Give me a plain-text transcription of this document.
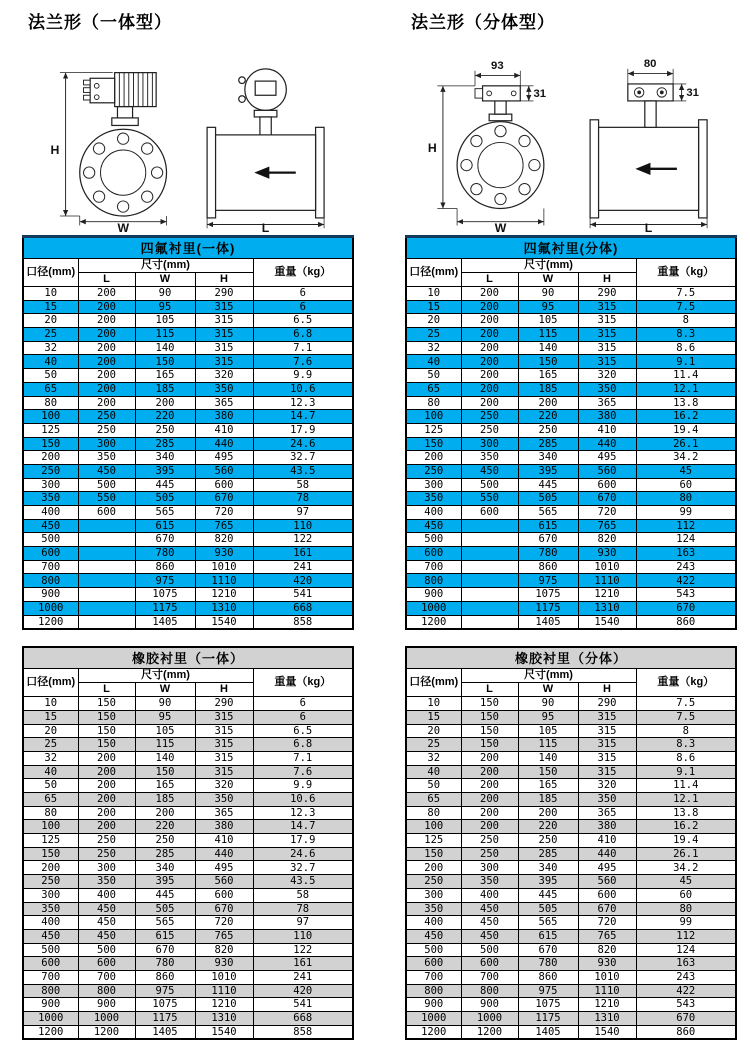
法兰形（一体型）
H
W	L
四氟衬里(一体)				
口径(mm)	尺寸(mm)			重量（kg）
	L	W	H	
10	200	90	290	6
15	200	95	315	6
20	200	105	315	6.5
25	200	115	315	6.8
32	200	140	315	7.1
40	200	150	315	7.6
50	200	165	320	9.9
65	200	185	350	10.6
80	200	200	365	12.3
100	250	220	380	14.7
125	250	250	410	17.9
150	300	285	440	24.6
200	350	340	495	32.7
250	450	395	560	43.5
300	500	445	600	58
350	550	505	670	78
400	600	565	720	97
450		615	765	110
500		670	820	122
600		780	930	161
700		860	1010	241
800		975	1110	420
900		1075	1210	541
1000		1175	1310	668
1200		1405	1540	858
橡胶衬里（一体）				
口径(mm)	尺寸(mm)			重量（kg）
	L	W	H	
10	150	90	290	6
15	150	95	315	6
20	150	105	315	6.5
25	150	115	315	6.8
32	200	140	315	7.1
40	200	150	315	7.6
50	200	165	320	9.9
65	200	185	350	10.6
80	200	200	365	12.3
100	200	220	380	14.7
125	250	250	410	17.9
150	250	285	440	24.6
200	300	340	495	32.7
250	350	395	560	43.5
300	400	445	600	58
350	450	505	670	78
400	450	565	720	97
450	450	615	765	110
500	500	670	820	122
600	600	780	930	161
700	700	860	1010	241
800	800	975	1110	420
900	900	1075	1210	541
1000	1000	1175	1310	668
1200	1200	1405	1540	858
法兰形（分体型）
93
31
H
W
80
31
L
四氟衬里(分体)				
口径(mm)	尺寸(mm)			重量（kg）
	L	W	H	
10	200	90	290	7.5
15	200	95	315	7.5
20	200	105	315	8
25	200	115	315	8.3
32	200	140	315	8.6
40	200	150	315	9.1
50	200	165	320	11.4
65	200	185	350	12.1
80	200	200	365	13.8
100	250	220	380	16.2
125	250	250	410	19.4
150	300	285	440	26.1
200	350	340	495	34.2
250	450	395	560	45
300	500	445	600	60
350	550	505	670	80
400	600	565	720	99
450		615	765	112
500		670	820	124
600		780	930	163
700		860	1010	243
800		975	1110	422
900		1075	1210	543
1000		1175	1310	670
1200		1405	1540	860
橡胶衬里（分体）				
口径(mm)	尺寸(mm)			重量（kg）
	L	W	H	
10	150	90	290	7.5
15	150	95	315	7.5
20	150	105	315	8
25	150	115	315	8.3
32	200	140	315	8.6
40	200	150	315	9.1
50	200	165	320	11.4
65	200	185	350	12.1
80	200	200	365	13.8
100	200	220	380	16.2
125	250	250	410	19.4
150	250	285	440	26.1
200	300	340	495	34.2
250	350	395	560	45
300	400	445	600	60
350	450	505	670	80
400	450	565	720	99
450	450	615	765	112
500	500	670	820	124
600	600	780	930	163
700	700	860	1010	243
800	800	975	1110	422
900	900	1075	1210	543
1000	1000	1175	1310	670
1200	1200	1405	1540	860
